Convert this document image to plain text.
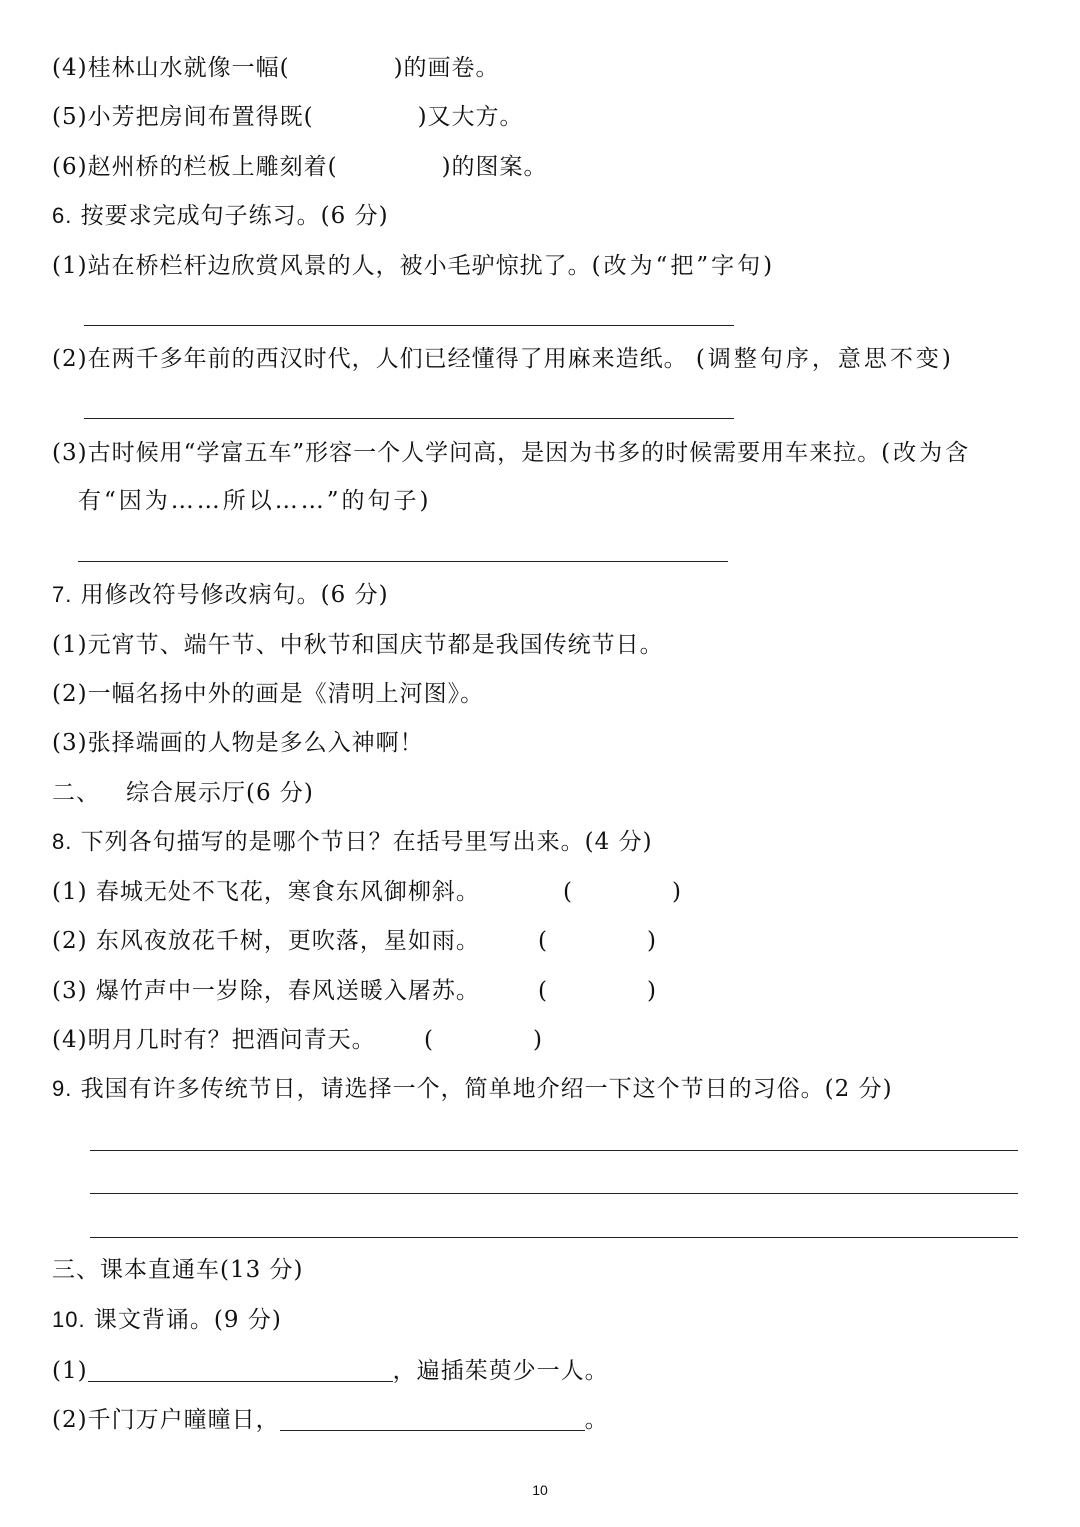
(4)桂林山水就像一幅(	)的画卷。
(5)小芳把房间布置得既(	)又大方。
(6)赵州桥的栏板上雕刻着(	)的图案。
6. 按要求完成句子练习。(6 分)
(1)站在桥栏杆边欣赏风景的人，被小毛驴惊扰了。(改为“把”字句)
(2)在两千多年前的西汉时代，人们已经懂得了用麻来造纸。 (调整句序，意思不变)
(3)古时候用“学富五车”形容一个人学问高，是因为书多的时候需要用车来拉。(改为含
有“因为……所以……”的句子)
7. 用修改符号修改病句。(6 分)
(1)元宵节、端午节、中秋节和国庆节都是我国传统节日。
(2)一幅名扬中外的画是《清明上河图》。
(3)张择端画的人物是多么入神啊！
二、 综合展示厅(6 分)
8. 下列各句描写的是哪个节日？在括号里写出来。(4 分)
(1) 春城无处不飞花，寒食东风御柳斜。	(	)
(2) 东风夜放花千树，更吹落，星如雨。	(	)
(3) 爆竹声中一岁除，春风送暖入屠苏。	(	)
(4)明月几时有？把酒问青天。 (	)
9. 我国有许多传统节日，请选择一个，简单地介绍一下这个节日的习俗。(2 分)
三、课本直通车(13 分)
10. 课文背诵。(9 分)
(1)	，遍插茱萸少一人。
(2)千门万户曈曈日，	。
10
